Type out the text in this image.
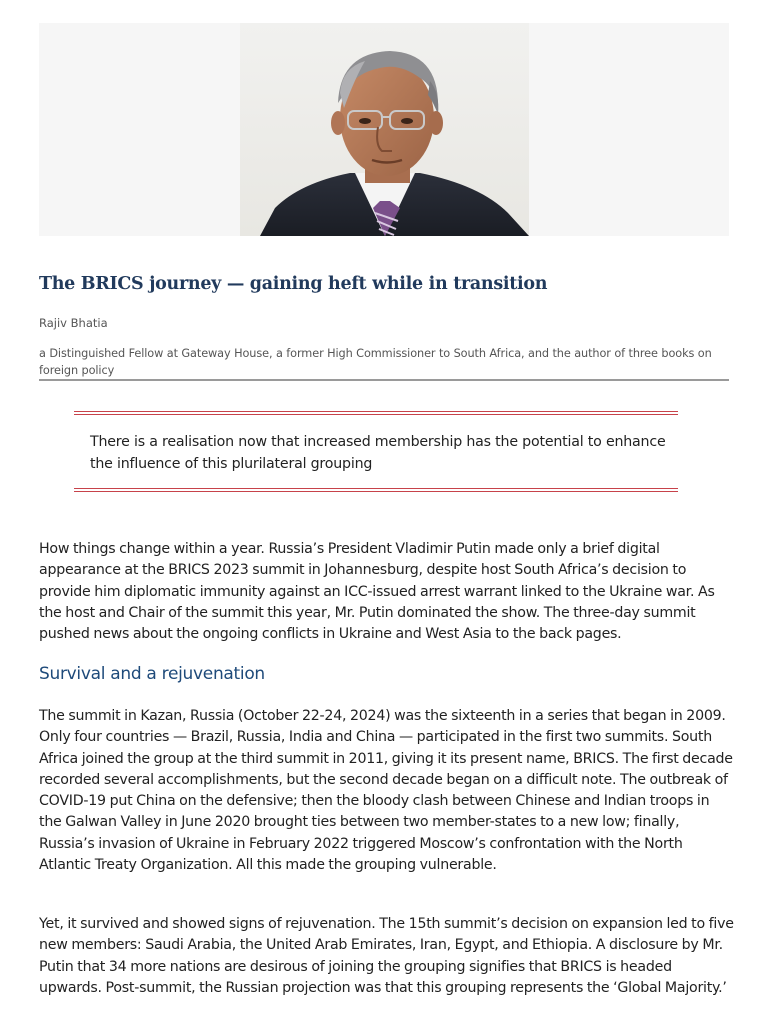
The BRICS journey — gaining heft while in transition
Rajiv Bhatia
a Distinguished Fellow at Gateway House, a former High Commissioner to South Africa, and the author of three books on foreign policy
There is a realisation now that increased membership has the potential to enhance the influence of this plurilateral grouping

How things change within a year. Russia’s President Vladimir Putin made only a brief digital appearance at the BRICS 2023 summit in Johannesburg, despite host South Africa’s decision to provide him diplomatic immunity against an ICC-issued arrest warrant linked to the Ukraine war. As the host and Chair of the summit this year, Mr. Putin dominated the show. The three-day summit pushed news about the ongoing conflicts in Ukraine and West Asia to the back pages.

Survival and a rejuvenation

The summit in Kazan, Russia (October 22-24, 2024) was the sixteenth in a series that began in 2009. Only four countries — Brazil, Russia, India and China — participated in the first two summits. South Africa joined the group at the third summit in 2011, giving it its present name, BRICS. The first decade recorded several accomplishments, but the second decade began on a difficult note. The outbreak of COVID-19 put China on the defensive; then the bloody clash between Chinese and Indian troops in the Galwan Valley in June 2020 brought ties between two member-states to a new low; finally, Russia’s invasion of Ukraine in February 2022 triggered Moscow’s confrontation with the North Atlantic Treaty Organization. All this made the grouping vulnerable.

Yet, it survived and showed signs of rejuvenation. The 15th summit’s decision on expansion led to five new members: Saudi Arabia, the United Arab Emirates, Iran, Egypt, and Ethiopia. A disclosure by Mr. Putin that 34 more nations are desirous of joining the grouping signifies that BRICS is headed upwards. Post-summit, the Russian projection was that this grouping represents the ‘Global Majority.’
